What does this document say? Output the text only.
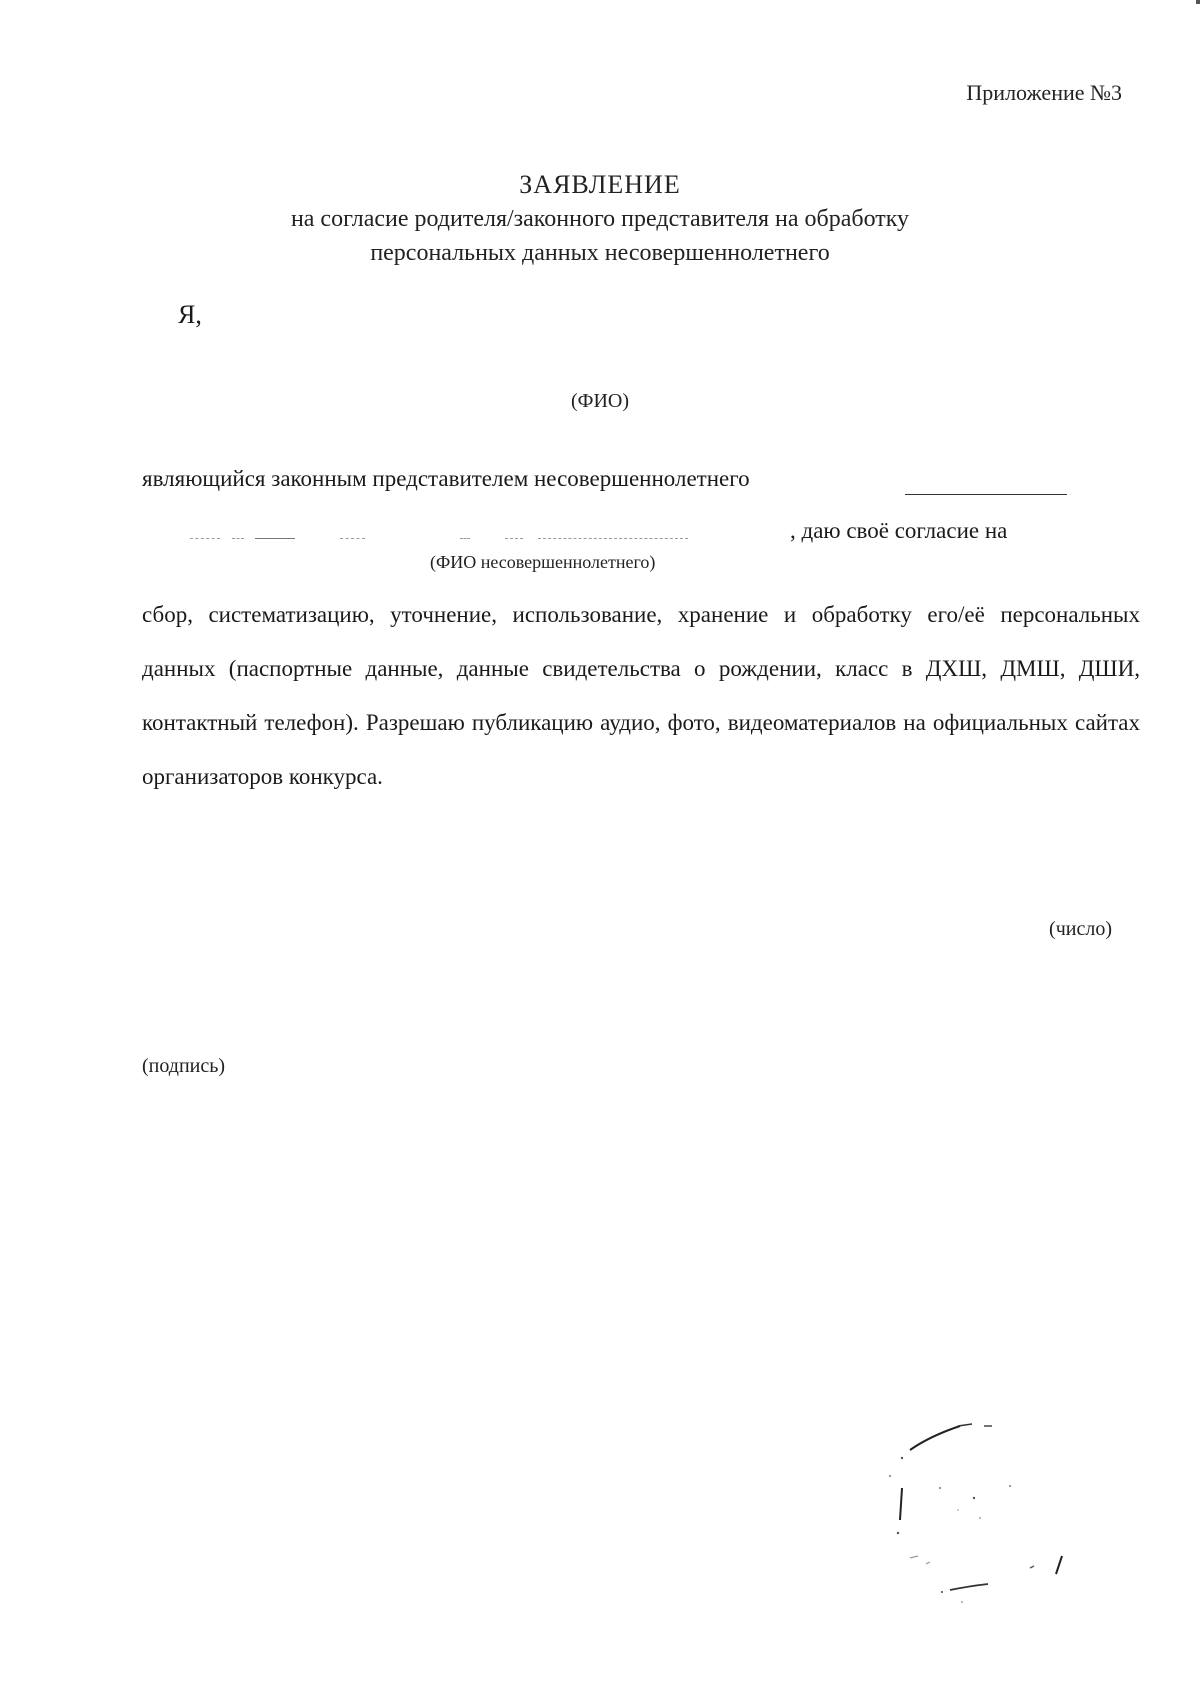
Приложение №3
ЗАЯВЛЕНИЕ
на согласие родителя/законного представителя на обработку
персональных данных несовершеннолетнего
Я,
(ФИО)
являющийся законным представителем несовершеннолетнего
, даю своё согласие на
(ФИО несовершеннолетнего)
сбор, систематизацию, уточнение, использование, хранение и обработку его/её персональных данных (паспортные данные, данные свидетельства о рождении, класс в ДХШ, ДМШ, ДШИ, контактный телефон). Разрешаю публикацию аудио, фото, видеоматериалов на официальных сайтах организаторов конкурса.
(число)
(подпись)
